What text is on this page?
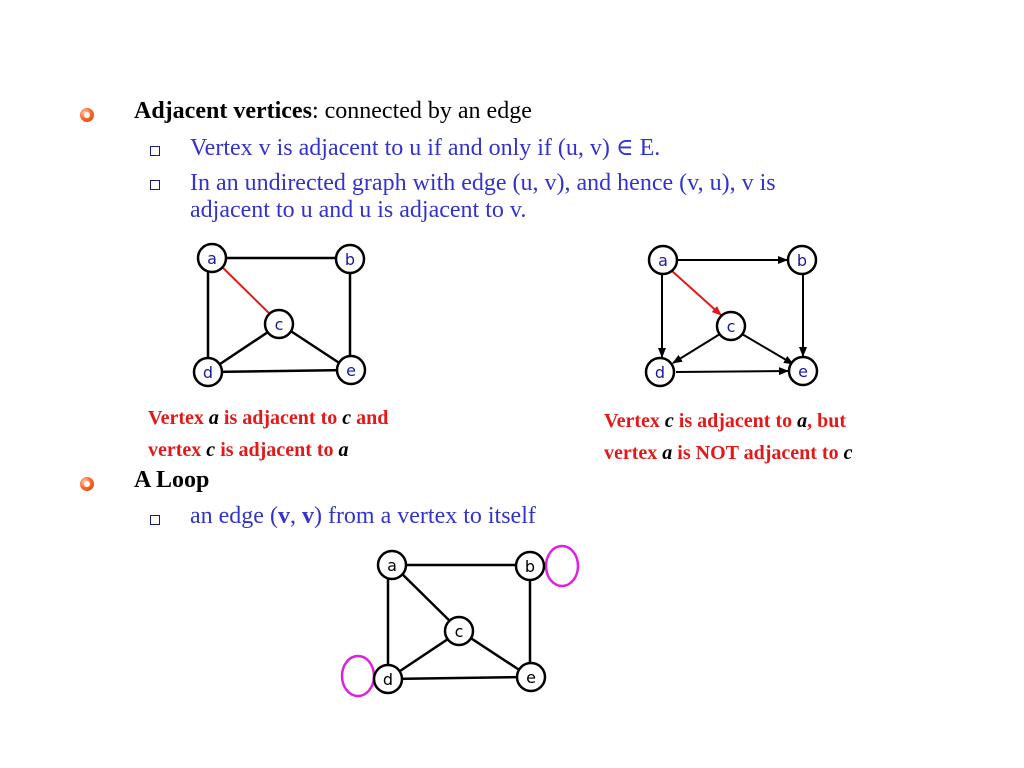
Adjacent vertices: connected by an edge
Vertex v is adjacent to u if and only if (u, v) ∈ E.
In an undirected graph with edge (u, v), and hence (v, u), v is
adjacent to u and u is adjacent to v.
a	b
c
d	e
a	b
c
d	e
Vertex a is adjacent to c and
vertex c is adjacent to a
Vertex c is adjacent to a, but
vertex a is NOT adjacent to c
A Loop
an edge (v, v) from a vertex to itself
a	b
c
d	e
